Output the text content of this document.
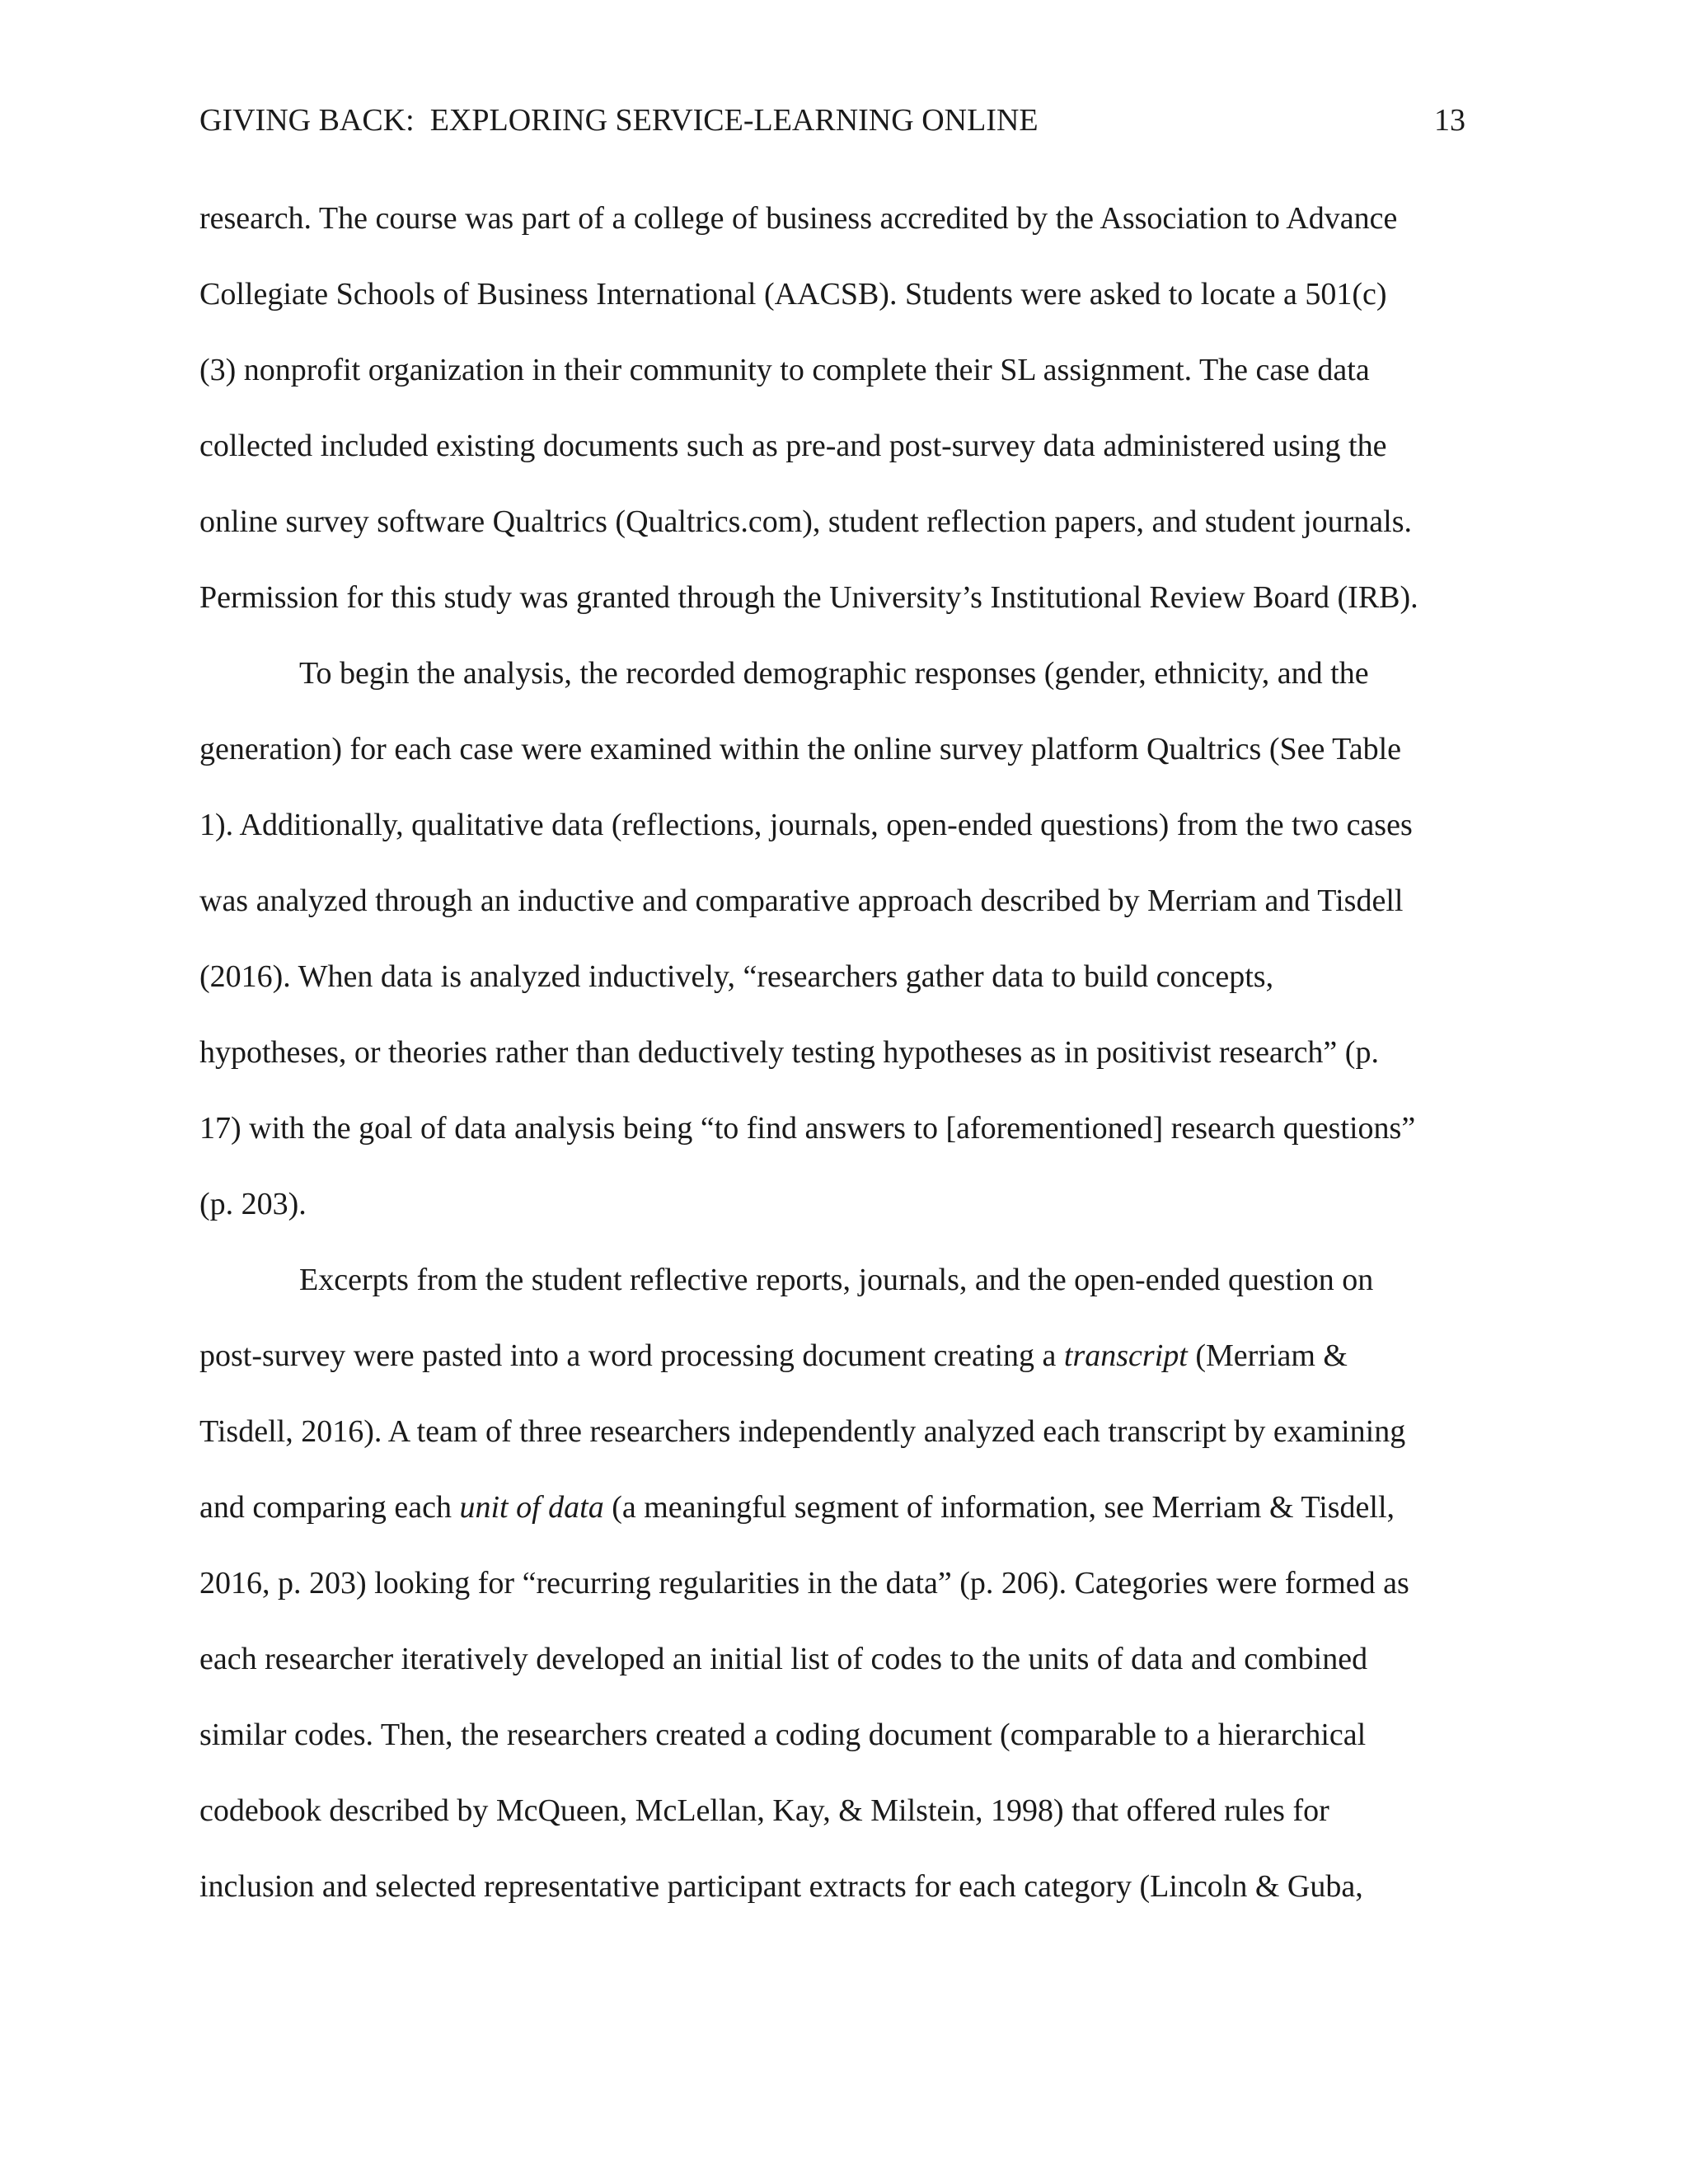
GIVING BACK:  EXPLORING SERVICE-LEARNING ONLINE	13
research. The course was part of a college of business accredited by the Association to Advance
Collegiate Schools of Business International (AACSB). Students were asked to locate a 501(c)
(3) nonprofit organization in their community to complete their SL assignment. The case data
collected included existing documents such as pre-and post-survey data administered using the
online survey software Qualtrics (Qualtrics.com), student reflection papers, and student journals.
Permission for this study was granted through the University’s Institutional Review Board (IRB).
To begin the analysis, the recorded demographic responses (gender, ethnicity, and the
generation) for each case were examined within the online survey platform Qualtrics (See Table
1). Additionally, qualitative data (reflections, journals, open-ended questions) from the two cases
was analyzed through an inductive and comparative approach described by Merriam and Tisdell
(2016). When data is analyzed inductively, “researchers gather data to build concepts,
hypotheses, or theories rather than deductively testing hypotheses as in positivist research” (p.
17) with the goal of data analysis being “to find answers to [aforementioned] research questions”
(p. 203).
Excerpts from the student reflective reports, journals, and the open-ended question on
post-survey were pasted into a word processing document creating a transcript (Merriam &
Tisdell, 2016). A team of three researchers independently analyzed each transcript by examining
and comparing each unit of data (a meaningful segment of information, see Merriam & Tisdell,
2016, p. 203) looking for “recurring regularities in the data” (p. 206). Categories were formed as
each researcher iteratively developed an initial list of codes to the units of data and combined
similar codes. Then, the researchers created a coding document (comparable to a hierarchical
codebook described by McQueen, McLellan, Kay, & Milstein, 1998) that offered rules for
inclusion and selected representative participant extracts for each category (Lincoln & Guba,
